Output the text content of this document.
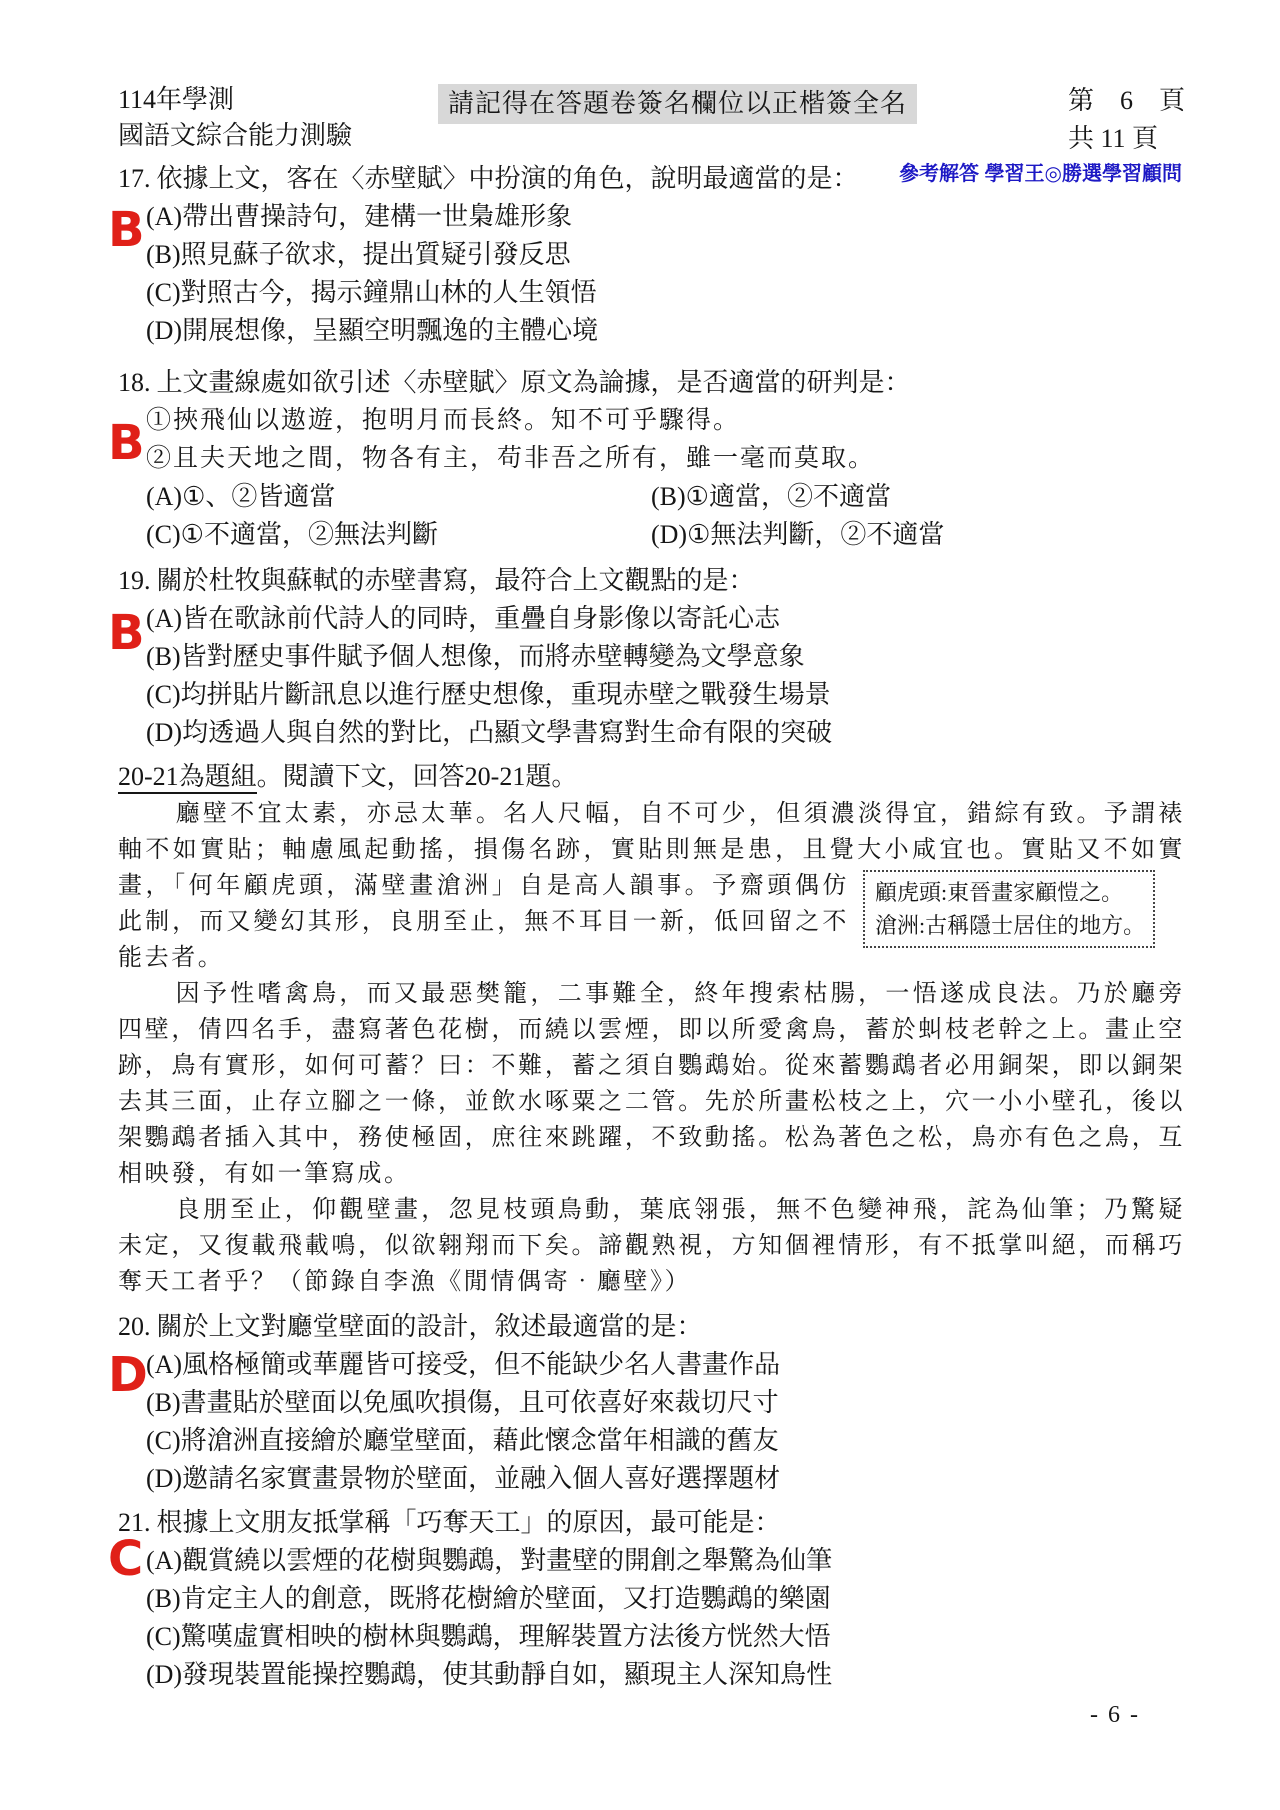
114年學測
國語文綜合能力測驗
請記得在答題卷簽名欄位以正楷簽全名	第　6　頁
共 11 頁
B
17. 依據上文，客在〈赤壁賦〉中扮演的角色，說明最適當的是：
(A)帶出曹操詩句，建構一世梟雄形象
(B)照見蘇子欲求，提出質疑引發反思
(C)對照古今，揭示鐘鼎山林的人生領悟
(D)開展想像，呈顯空明飄逸的主體心境
B
18. 上文畫線處如欲引述〈赤壁賦〉原文為論據，是否適當的研判是：
①挾飛仙以遨遊，抱明月而長終。知不可乎驟得。
②且夫天地之間，物各有主，苟非吾之所有，雖一毫而莫取。
(A)①、②皆適當	(B)①適當，②不適當
(C)①不適當，②無法判斷	(D)①無法判斷，②不適當
B
19. 關於杜牧與蘇軾的赤壁書寫，最符合上文觀點的是：
(A)皆在歌詠前代詩人的同時，重疊自身影像以寄託心志
(B)皆對歷史事件賦予個人想像，而將赤壁轉變為文學意象
(C)均拼貼片斷訊息以進行歷史想像，重現赤壁之戰發生場景
(D)均透過人與自然的對比，凸顯文學書寫對生命有限的突破
20-21為題組。閱讀下文，回答20-21題。

廳壁不宜太素，亦忌太華。名人尺幅，自不可少，但須濃淡得宜，錯綜有致。予謂裱軸不如實貼；軸慮風起動搖，損傷名跡，實貼則無是患，且覺大小咸宜也。實貼
顧虎頭:東晉畫家顧愷之。
滄洲:古稱隱士居住的地方。
又不如實畫，「何年顧虎頭，滿壁畫滄洲」自是高人韻事。予齋頭偶仿此制，而又變幻其形，良朋至止，無不耳目一新，低回留之不能去者。

因予性嗜禽鳥，而又最惡樊籠，二事難全，終年搜索枯腸，一悟遂成良法。乃於廳旁四壁，倩四名手，盡寫著色花樹，而繞以雲煙，即以所愛禽鳥，蓄於虯枝老幹之上。畫止空跡，鳥有實形，如何可蓄？曰：不難，蓄之須自鸚鵡始。從來蓄鸚鵡者必用銅架，即以銅架去其三面，止存立腳之一條，並飲水啄粟之二管。先於所畫松枝之上，穴一小小壁孔，後以架鸚鵡者插入其中，務使極固，庶往來跳躍，不致動搖。松為著色之松，鳥亦有色之鳥，互相映發，有如一筆寫成。

良朋至止，仰觀壁畫，忽見枝頭鳥動，葉底翎張，無不色變神飛，詫為仙筆；乃驚疑未定，又復載飛載鳴，似欲翱翔而下矣。諦觀熟視，方知個裡情形，有不抵掌叫絕，而稱巧奪天工者乎？（節錄自李漁《閒情偶寄‧廳壁》）

D
20. 關於上文對廳堂壁面的設計，敘述最適當的是：
(A)風格極簡或華麗皆可接受，但不能缺少名人書畫作品
(B)書畫貼於壁面以免風吹損傷，且可依喜好來裁切尺寸
(C)將滄洲直接繪於廳堂壁面，藉此懷念當年相識的舊友
(D)邀請名家實畫景物於壁面，並融入個人喜好選擇題材
C
21. 根據上文朋友抵掌稱「巧奪天工」的原因，最可能是：
(A)觀賞繞以雲煙的花樹與鸚鵡，對畫壁的開創之舉驚為仙筆
(B)肯定主人的創意，既將花樹繪於壁面，又打造鸚鵡的樂園
(C)驚嘆虛實相映的樹林與鸚鵡，理解裝置方法後方恍然大悟
(D)發現裝置能操控鸚鵡，使其動靜自如，顯現主人深知鳥性
參考解答 學習王◎勝選學習顧問
- 6 -
